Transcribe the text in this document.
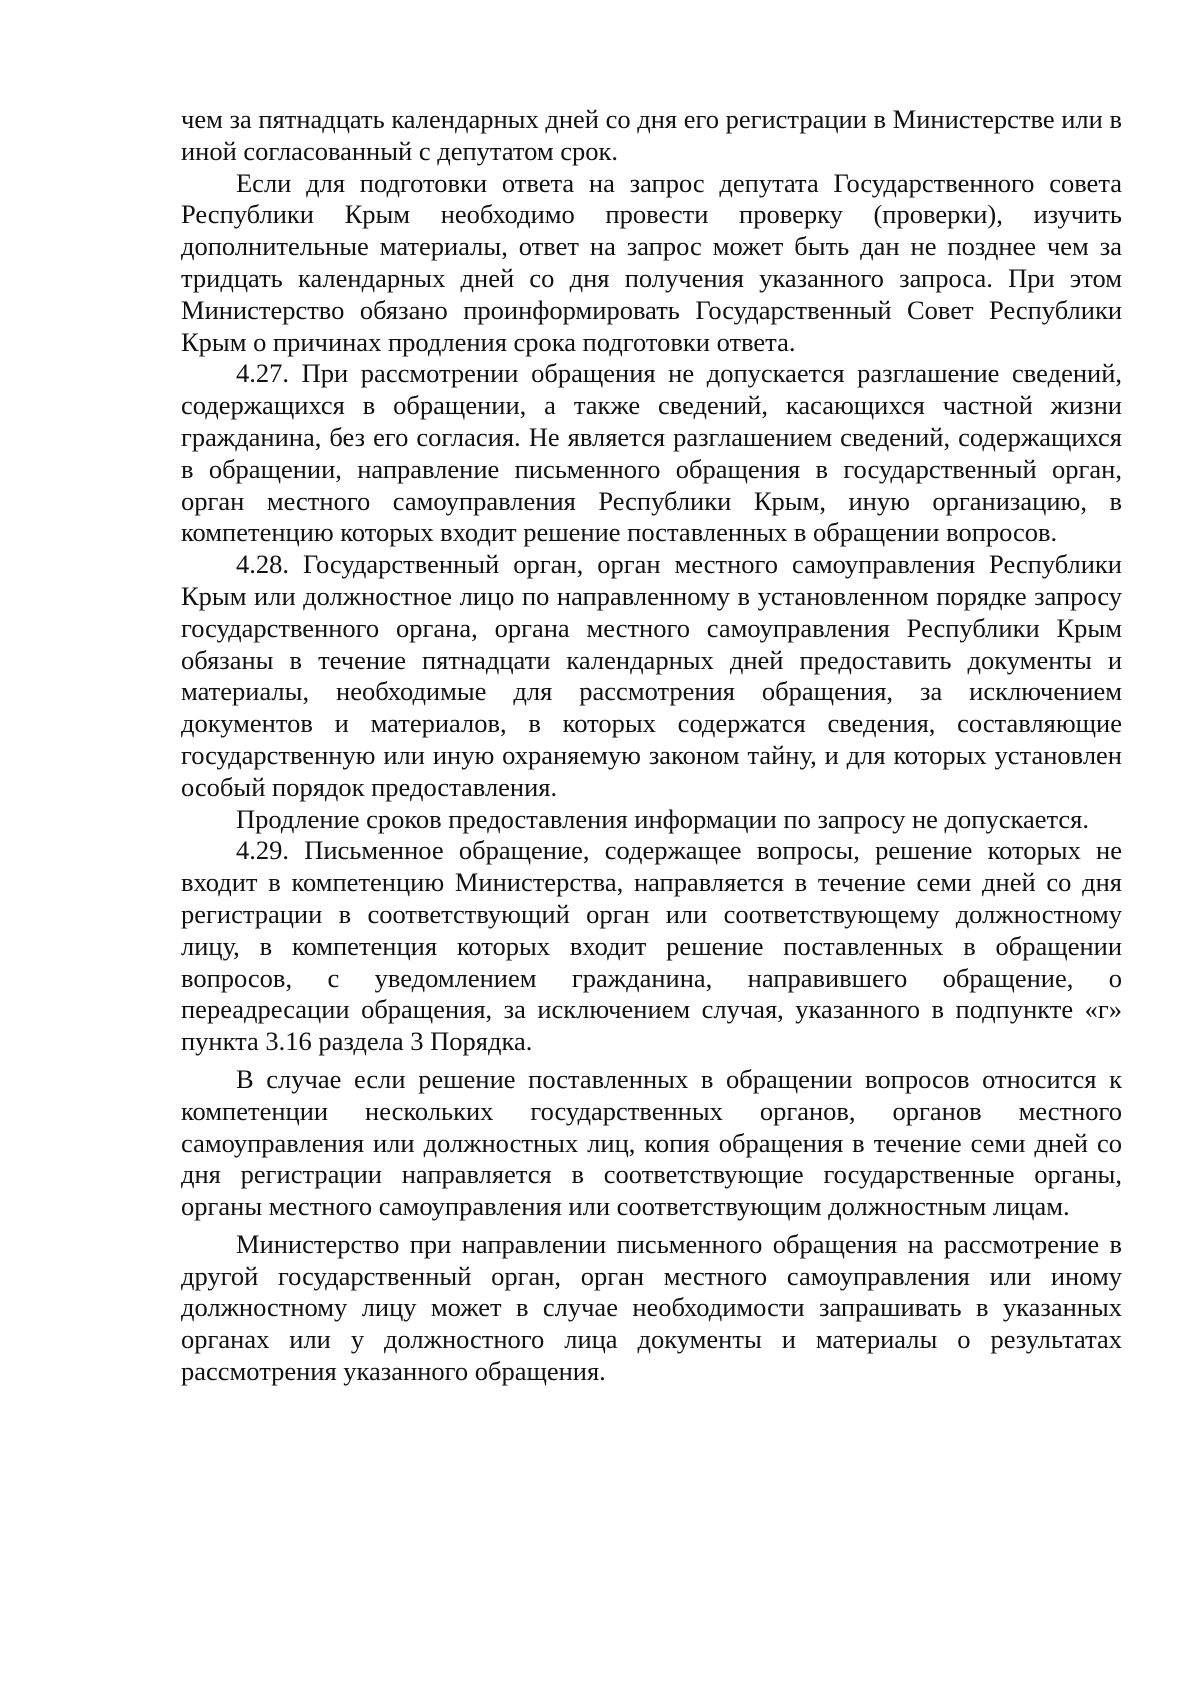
чем за пятнадцать календарных дней со дня его регистрации в Министерстве или в иной согласованный с депутатом срок.

Если для подготовки ответа на запрос депутата Государственного совета Республики Крым необходимо провести проверку (проверки), изучить дополнительные материалы, ответ на запрос может быть дан не позднее чем за тридцать календарных дней со дня получения указанного запроса. При этом Министерство обязано проинформировать Государственный Совет Республики Крым о причинах продления срока подготовки ответа.

4.27. При рассмотрении обращения не допускается разглашение сведений, содержащихся в обращении, а также сведений, касающихся частной жизни гражданина, без его согласия. Не является разглашением сведений, содержащихся в обращении, направление письменного обращения в государственный орган, орган местного самоуправления Республики Крым, иную организацию, в компетенцию которых входит решение поставленных в обращении вопросов.

4.28. Государственный орган, орган местного самоуправления Республики Крым или должностное лицо по направленному в установленном порядке запросу государственного органа, органа местного самоуправления Республики Крым обязаны в течение пятнадцати календарных дней предоставить документы и материалы, необходимые для рассмотрения обращения, за исключением документов и материалов, в которых содержатся сведения, составляющие государственную или иную охраняемую законом тайну, и для которых установлен особый порядок предоставления.

Продление сроков предоставления информации по запросу не допускается.

4.29. Письменное обращение, содержащее вопросы, решение которых не входит в компетенцию Министерства, направляется в течение семи дней со дня регистрации в соответствующий орган или соответствующему должностному лицу, в компетенция которых входит решение поставленных в обращении вопросов, с уведомлением гражданина, направившего обращение, о переадресации обращения, за исключением случая, указанного в подпункте «г» пункта 3.16 раздела 3 Порядка.

В случае если решение поставленных в обращении вопросов относится к компетенции нескольких государственных органов, органов местного самоуправления или должностных лиц, копия обращения в течение семи дней со дня регистрации направляется в соответствующие государственные органы, органы местного самоуправления или соответствующим должностным лицам.

Министерство при направлении письменного обращения на рассмотрение в другой государственный орган, орган местного самоуправления или иному должностному лицу может в случае необходимости запрашивать в указанных органах или у должностного лица документы и материалы о результатах рассмотрения указанного обращения.
